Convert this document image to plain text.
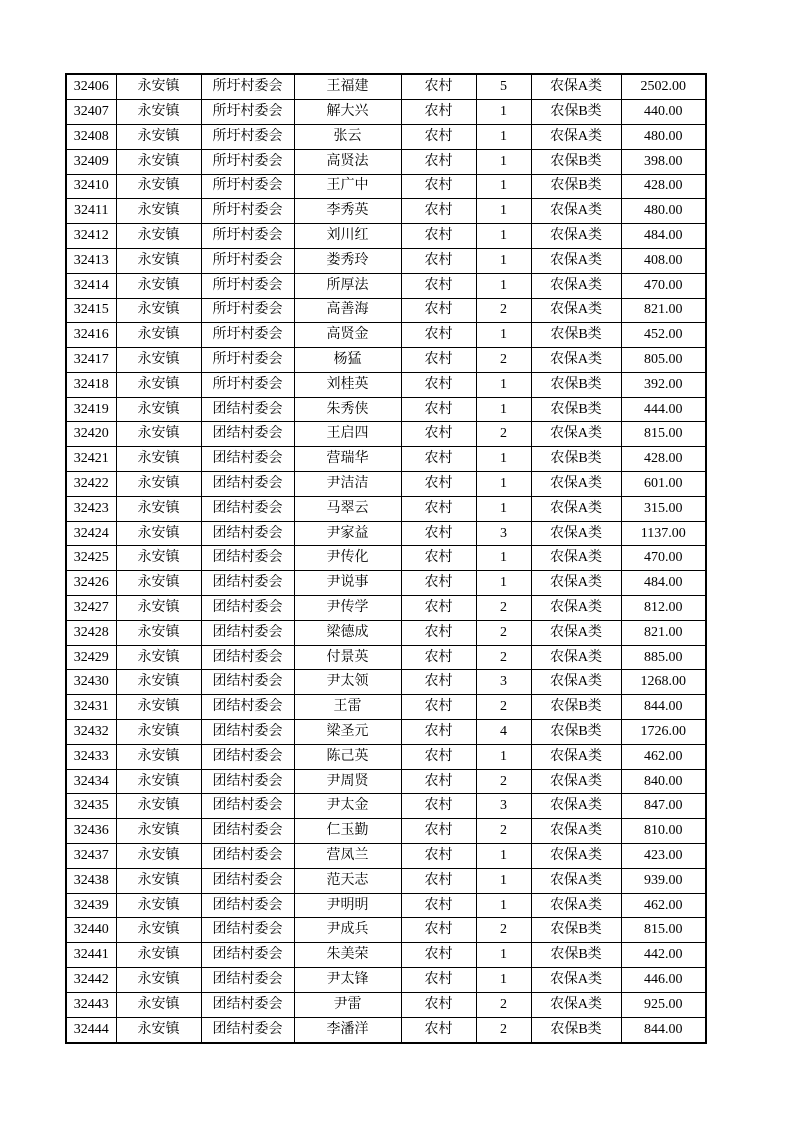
32406	永安镇	所圩村委会	王福建	农村	5	农保A类	2502.00
32407	永安镇	所圩村委会	解大兴	农村	1	农保B类	440.00
32408	永安镇	所圩村委会	张云	农村	1	农保A类	480.00
32409	永安镇	所圩村委会	高贤法	农村	1	农保B类	398.00
32410	永安镇	所圩村委会	王广中	农村	1	农保B类	428.00
32411	永安镇	所圩村委会	李秀英	农村	1	农保A类	480.00
32412	永安镇	所圩村委会	刘川红	农村	1	农保A类	484.00
32413	永安镇	所圩村委会	娄秀玲	农村	1	农保A类	408.00
32414	永安镇	所圩村委会	所厚法	农村	1	农保A类	470.00
32415	永安镇	所圩村委会	高善海	农村	2	农保A类	821.00
32416	永安镇	所圩村委会	高贤金	农村	1	农保B类	452.00
32417	永安镇	所圩村委会	杨猛	农村	2	农保A类	805.00
32418	永安镇	所圩村委会	刘桂英	农村	1	农保B类	392.00
32419	永安镇	团结村委会	朱秀侠	农村	1	农保B类	444.00
32420	永安镇	团结村委会	王启四	农村	2	农保A类	815.00
32421	永安镇	团结村委会	营瑞华	农村	1	农保B类	428.00
32422	永安镇	团结村委会	尹洁洁	农村	1	农保A类	601.00
32423	永安镇	团结村委会	马翠云	农村	1	农保A类	315.00
32424	永安镇	团结村委会	尹家益	农村	3	农保A类	1137.00
32425	永安镇	团结村委会	尹传化	农村	1	农保A类	470.00
32426	永安镇	团结村委会	尹说事	农村	1	农保A类	484.00
32427	永安镇	团结村委会	尹传学	农村	2	农保A类	812.00
32428	永安镇	团结村委会	梁德成	农村	2	农保A类	821.00
32429	永安镇	团结村委会	付景英	农村	2	农保A类	885.00
32430	永安镇	团结村委会	尹太领	农村	3	农保A类	1268.00
32431	永安镇	团结村委会	王雷	农村	2	农保B类	844.00
32432	永安镇	团结村委会	梁圣元	农村	4	农保B类	1726.00
32433	永安镇	团结村委会	陈己英	农村	1	农保A类	462.00
32434	永安镇	团结村委会	尹周贤	农村	2	农保A类	840.00
32435	永安镇	团结村委会	尹太金	农村	3	农保A类	847.00
32436	永安镇	团结村委会	仁玉勤	农村	2	农保A类	810.00
32437	永安镇	团结村委会	营凤兰	农村	1	农保A类	423.00
32438	永安镇	团结村委会	范天志	农村	1	农保A类	939.00
32439	永安镇	团结村委会	尹明明	农村	1	农保A类	462.00
32440	永安镇	团结村委会	尹成兵	农村	2	农保B类	815.00
32441	永安镇	团结村委会	朱美荣	农村	1	农保B类	442.00
32442	永安镇	团结村委会	尹太锋	农村	1	农保A类	446.00
32443	永安镇	团结村委会	尹雷	农村	2	农保A类	925.00
32444	永安镇	团结村委会	李潘洋	农村	2	农保B类	844.00
